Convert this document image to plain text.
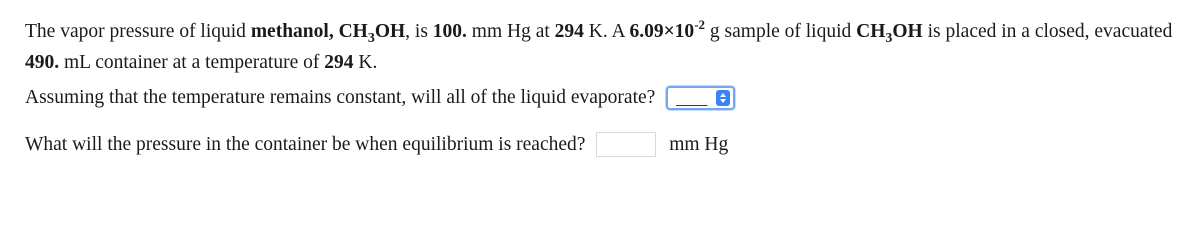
The vapor pressure of liquid methanol, $CH_3OH$, is 100. mm Hg at 294 K. A $6.09\times 10^{-2}$ g sample of liquid $CH_3OH$ is placed in a closed, evacuated 490. mL container at a temperature of 294 K.
Assuming that the temperature remains constant, will all of the liquid evaporate? ____
What will the pressure in the container be when equilibrium is reached?	mm Hg
